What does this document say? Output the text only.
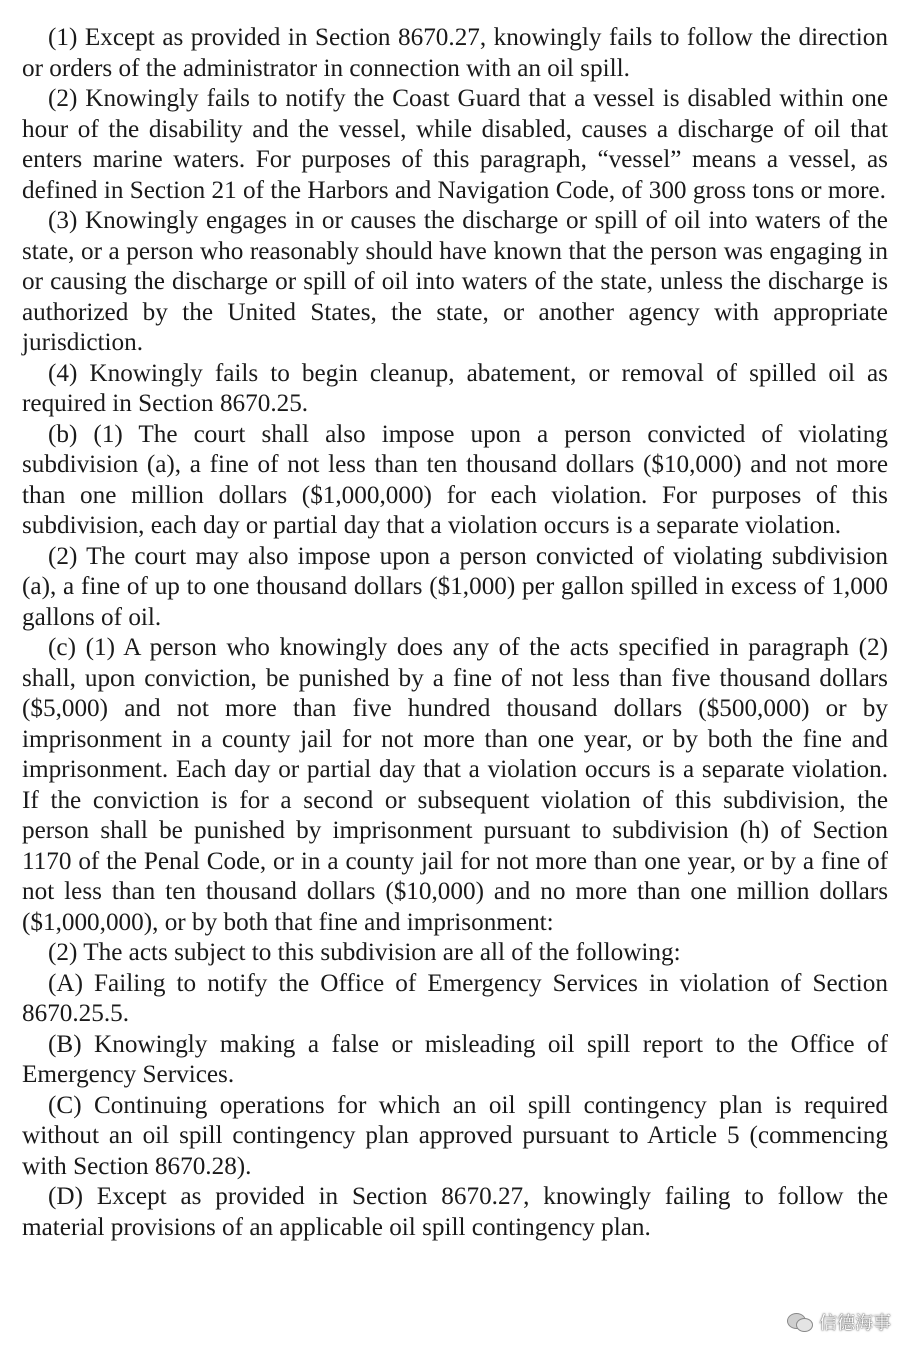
(1) Except as provided in Section 8670.27, knowingly fails to follow the direction or orders of the administrator in connection with an oil spill.

(2) Knowingly fails to notify the Coast Guard that a vessel is disabled within one hour of the disability and the vessel, while disabled, causes a discharge of oil that enters marine waters. For purposes of this paragraph, “vessel” means a vessel, as defined in Section 21 of the Harbors and Navigation Code, of 300 gross tons or more.

(3) Knowingly engages in or causes the discharge or spill of oil into waters of the state, or a person who reasonably should have known that the person was engaging in or causing the discharge or spill of oil into waters of the state, unless the discharge is authorized by the United States, the state, or another agency with appropriate jurisdiction.

(4) Knowingly fails to begin cleanup, abatement, or removal of spilled oil as required in Section 8670.25.

(b) (1) The court shall also impose upon a person convicted of violating subdivision (a), a fine of not less than ten thousand dollars ($10,000) and not more than one million dollars ($1,000,000) for each violation. For purposes of this subdivision, each day or partial day that a violation occurs is a separate violation.

(2) The court may also impose upon a person convicted of violating subdivision (a), a fine of up to one thousand dollars ($1,000) per gallon spilled in excess of 1,000 gallons of oil.

(c) (1) A person who knowingly does any of the acts specified in paragraph (2) shall, upon conviction, be punished by a fine of not less than five thousand dollars ($5,000) and not more than five hundred thousand dollars ($500,000) or by imprisonment in a county jail for not more than one year, or by both the fine and imprisonment. Each day or partial day that a violation occurs is a separate violation. If the conviction is for a second or subsequent violation of this subdivision, the person shall be punished by imprisonment pursuant to subdivision (h) of Section 1170 of the Penal Code, or in a county jail for not more than one year, or by a fine of not less than ten thousand dollars ($10,000) and no more than one million dollars ($1,000,000), or by both that fine and imprisonment:

(2) The acts subject to this subdivision are all of the following:

(A) Failing to notify the Office of Emergency Services in violation of Section 8670.25.5.

(B) Knowingly making a false or misleading oil spill report to the Office of Emergency Services.

(C) Continuing operations for which an oil spill contingency plan is required without an oil spill contingency plan approved pursuant to Article 5 (commencing with Section 8670.28).

(D) Except as provided in Section 8670.27, knowingly failing to follow the material provisions of an applicable oil spill contingency plan.

信德海事
